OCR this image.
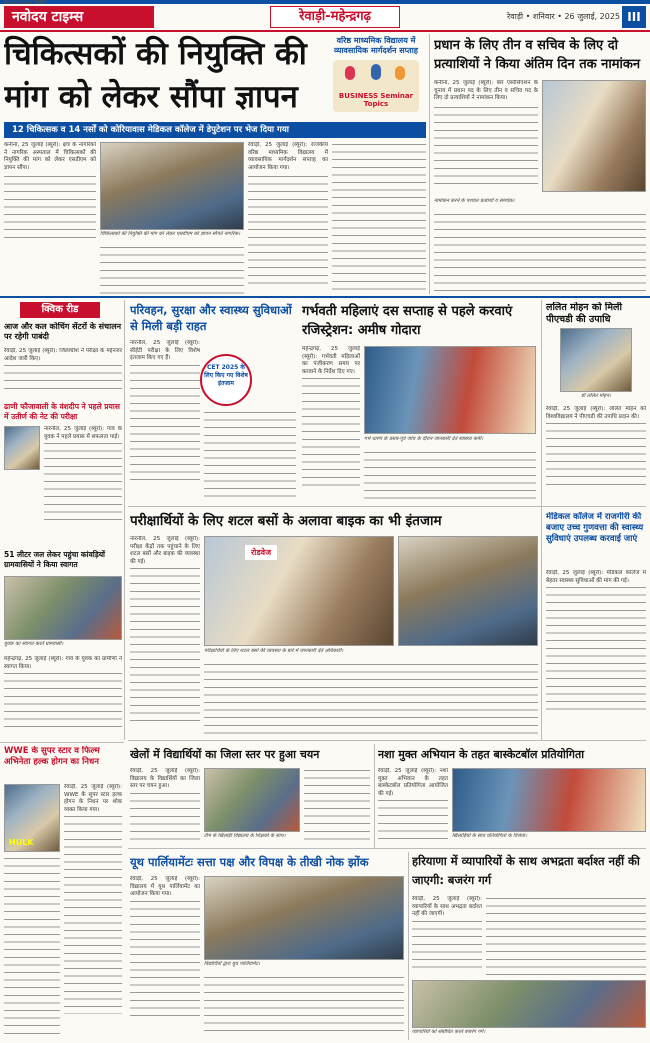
नवोदय टाइम्स
NAVODAYA TIMES
रेवाड़ी-महेन्द्रगढ़	रेवाड़ी • शनिवार • 26 जुलाई, 2025 III
चिकित्सकों की नियुक्ति की
मांग को लेकर सौंपा ज्ञापन
वरिष्ठ माध्यमिक विद्यालय में व्यावसायिक मार्गदर्शन सप्ताह
BUSINESS Seminar Topics
12 चिकित्सक व 14 नर्सों को कोरियावास मेडिकल कॉलेज में डेपुटेशन पर भेज दिया गया
कनीना, 25 जुलाई (ब्यूरो): क्षेत्र के नागरिकों ने नागरिक अस्पताल में चिकित्सकों की नियुक्ति की मांग को लेकर एसडीएम को ज्ञापन सौंपा।
चिकित्सकों की नियुक्ति की मांग को लेकर एसडीएम को ज्ञापन सौंपते नागरिक।
रेवाड़ी, 25 जुलाई (ब्यूरो): राजकीय वरिष्ठ माध्यमिक विद्यालय में व्यावसायिक मार्गदर्शन सप्ताह का आयोजन किया गया।
प्रधान के लिए तीन व सचिव के लिए दो प्रत्याशियों ने किया अंतिम दिन तक नामांकन
कनीना, 25 जुलाई (ब्यूरो): बार एसोसिएशन के चुनाव में प्रधान पद के लिए तीन व सचिव पद के लिए दो प्रत्याशियों ने नामांकन किया।
नामांकन करने के पश्चात प्रत्याशी व समर्थक।
क्विक रीड
आज और कल कोचिंग सेंटरों के संचालन पर रहेगी पाबंदी
रेवाड़ी, 25 जुलाई (ब्यूरो): जिलाधीश ने परीक्षा के मद्देनजर आदेश जारी किए।
ढाणी फौजावाली के वंशदीप ने पहले प्रयास में उतीर्ण की नेट की परीक्षा
नारनौल, 25 जुलाई (ब्यूरो): गांव के युवक ने पहले प्रयास में सफलता पाई।
51 लीटर जल लेकर पहुंचा कांवड़ियों ग्रामवासियों ने किया स्वागत
युवक का स्वागत करते ग्रामवासी।
महेन्द्रगढ़, 25 जुलाई (ब्यूरो): गांव के युवक का ग्रामीणों ने स्वागत किया।
परिवहन, सुरक्षा और स्वास्थ्य सुविधाओं से मिली बड़ी राहत
नारनौल, 25 जुलाई (ब्यूरो): सीईटी परीक्षा के लिए विशेष इंतजाम किए गए हैं।
CET 2025 के लिए किए गए विशेष इंतजाम
गर्भवती महिलाएं दस सप्ताह से पहले करवाएं रजिस्ट्रेशन: अमीष गोदारा
महेन्द्रगढ़, 25 जुलाई (ब्यूरो): गर्भवती महिलाओं का पंजीकरण समय पर करवाने के निर्देश दिए गए।
गर्भ धारण के प्रसव-पूर्व जांच के दौरान जानकारी देते स्वास्थ्य कर्मी।
ललित मोहन को मिली पीएचडी की उपाधि
डॉ ललित मोहन।
रेवाड़ी, 25 जुलाई (ब्यूरो): ललित मोहन को विश्वविद्यालय ने पीएचडी की उपाधि प्रदान की।
परीक्षार्थियों के लिए शटल बसों के अलावा बाइक का भी इंतजाम
नारनौल, 25 जुलाई (ब्यूरो): परीक्षा केंद्रों तक पहुंचाने के लिए शटल बसों और बाइक की व्यवस्था की गई।
रोडवेज
परीक्षार्थियों के लिए शटल बसों की व्यवस्था के बारे में जानकारी देते अधिकारी।
मेडिकल कॉलेज में राजगीरी की बजाए उच्च गुणवत्ता की स्वास्थ्य सुविधाएं उपलब्ध करवाई जाएं
रेवाड़ी, 25 जुलाई (ब्यूरो): मेडिकल कॉलेज में बेहतर स्वास्थ्य सुविधाओं की मांग की गई।
खेलों में विद्यार्थियों का जिला स्तर पर हुआ चयन
रेवाड़ी, 25 जुलाई (ब्यूरो): विद्यालय के विद्यार्थियों का जिला स्तर पर चयन हुआ।
टीम के खिलाड़ी विद्यालय के शिक्षकों के साथ।
नशा मुक्त अभियान के तहत बास्केटबॉल प्रतियोगिता
रेवाड़ी, 25 जुलाई (ब्यूरो): नशा मुक्त अभियान के तहत बास्केटबॉल प्रतियोगिता आयोजित की गई।
खिलाड़ियों के साथ प्रतियोगिता के विजेता।
यूथ पार्लियामेंटः सत्ता पक्ष और विपक्ष के तीखी नोक झोंक
रेवाड़ी, 25 जुलाई (ब्यूरो): विद्यालय में यूथ पार्लियामेंट का आयोजन किया गया।
विद्यार्थियों द्वारा यूथ पार्लियामेंट।
WWE के सुपर स्टार व फिल्म अभिनेता हल्क होगन का निधन
HULK
रेवाड़ी, 25 जुलाई (ब्यूरो): WWE के सुपर स्टार हल्क होगन के निधन पर शोक व्यक्त किया गया।
हरियाणा में व्यापारियों के साथ अभद्रता बर्दाश्त नहीं की जाएगी: बजरंग गर्ग
रेवाड़ी, 25 जुलाई (ब्यूरो): व्यापारियों के साथ अभद्रता बर्दाश्त नहीं की जाएगी।
व्यापारियों को संबोधित करते बजरंग गर्ग।
